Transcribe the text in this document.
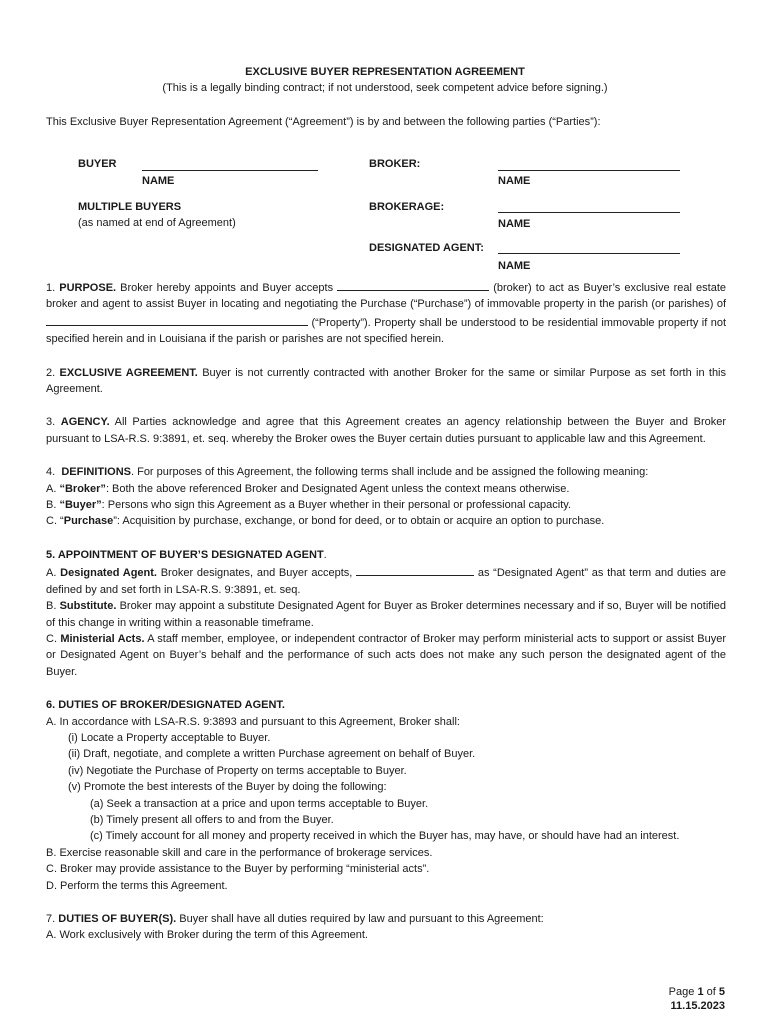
EXCLUSIVE BUYER REPRESENTATION AGREEMENT
(This is a legally binding contract; if not understood, seek competent advice before signing.)
This Exclusive Buyer Representation Agreement (“Agreement”) is by and between the following parties (“Parties”):
BUYER
NAME
BROKER:
NAME
MULTIPLE BUYERS
(as named at end of Agreement)
BROKERAGE:
NAME
DESIGNATED AGENT:
NAME
1. PURPOSE. Broker hereby appoints and Buyer accepts	(broker) to act as Buyer’s exclusive real estate broker and agent to assist Buyer in locating and negotiating the Purchase (“Purchase”) of immovable property in the parish (or parishes) of  (“Property”). Property shall be understood to be residential immovable property if not specified herein and in Louisiana if the parish or parishes are not specified herein.
2. EXCLUSIVE AGREEMENT. Buyer is not currently contracted with another Broker for the same or similar Purpose as set forth in this Agreement.
3. AGENCY. All Parties acknowledge and agree that this Agreement creates an agency relationship between the Buyer and Broker pursuant to LSA-R.S. 9:3891, et. seq. whereby the Broker owes the Buyer certain duties pursuant to applicable law and this Agreement.

4. DEFINITIONS. For purposes of this Agreement, the following terms shall include and be assigned the following meaning:

A. “Broker”: Both the above referenced Broker and Designated Agent unless the context means otherwise.

B. “Buyer”: Persons who sign this Agreement as a Buyer whether in their personal or professional capacity.

C. “Purchase”: Acquisition by purchase, exchange, or bond for deed, or to obtain or acquire an option to purchase.

5. APPOINTMENT OF BUYER’S DESIGNATED AGENT.

A. Designated Agent. Broker designates, and Buyer accepts,	as “Designated Agent” as that term and duties are defined by and set forth in LSA-R.S. 9:3891, et. seq.

B. Substitute. Broker may appoint a substitute Designated Agent for Buyer as Broker determines necessary and if so, Buyer will be notified of this change in writing within a reasonable timeframe.

C. Ministerial Acts. A staff member, employee, or independent contractor of Broker may perform ministerial acts to support or assist Buyer or Designated Agent on Buyer’s behalf and the performance of such acts does not make any such person the designated agent of the Buyer.

6. DUTIES OF BROKER/DESIGNATED AGENT.

A. In accordance with LSA-R.S. 9:3893 and pursuant to this Agreement, Broker shall:

(i) Locate a Property acceptable to Buyer.

(ii) Draft, negotiate, and complete a written Purchase agreement on behalf of Buyer.

(iv) Negotiate the Purchase of Property on terms acceptable to Buyer.

(v) Promote the best interests of the Buyer by doing the following:

(a) Seek a transaction at a price and upon terms acceptable to Buyer.

(b) Timely present all offers to and from the Buyer.

(c) Timely account for all money and property received in which the Buyer has, may have, or should have had an interest.

B. Exercise reasonable skill and care in the performance of brokerage services.

C. Broker may provide assistance to the Buyer by performing “ministerial acts”.

D. Perform the terms this Agreement.

7. DUTIES OF BUYER(S). Buyer shall have all duties required by law and pursuant to this Agreement:

A. Work exclusively with Broker during the term of this Agreement.

Page 1 of 5
11.15.2023
